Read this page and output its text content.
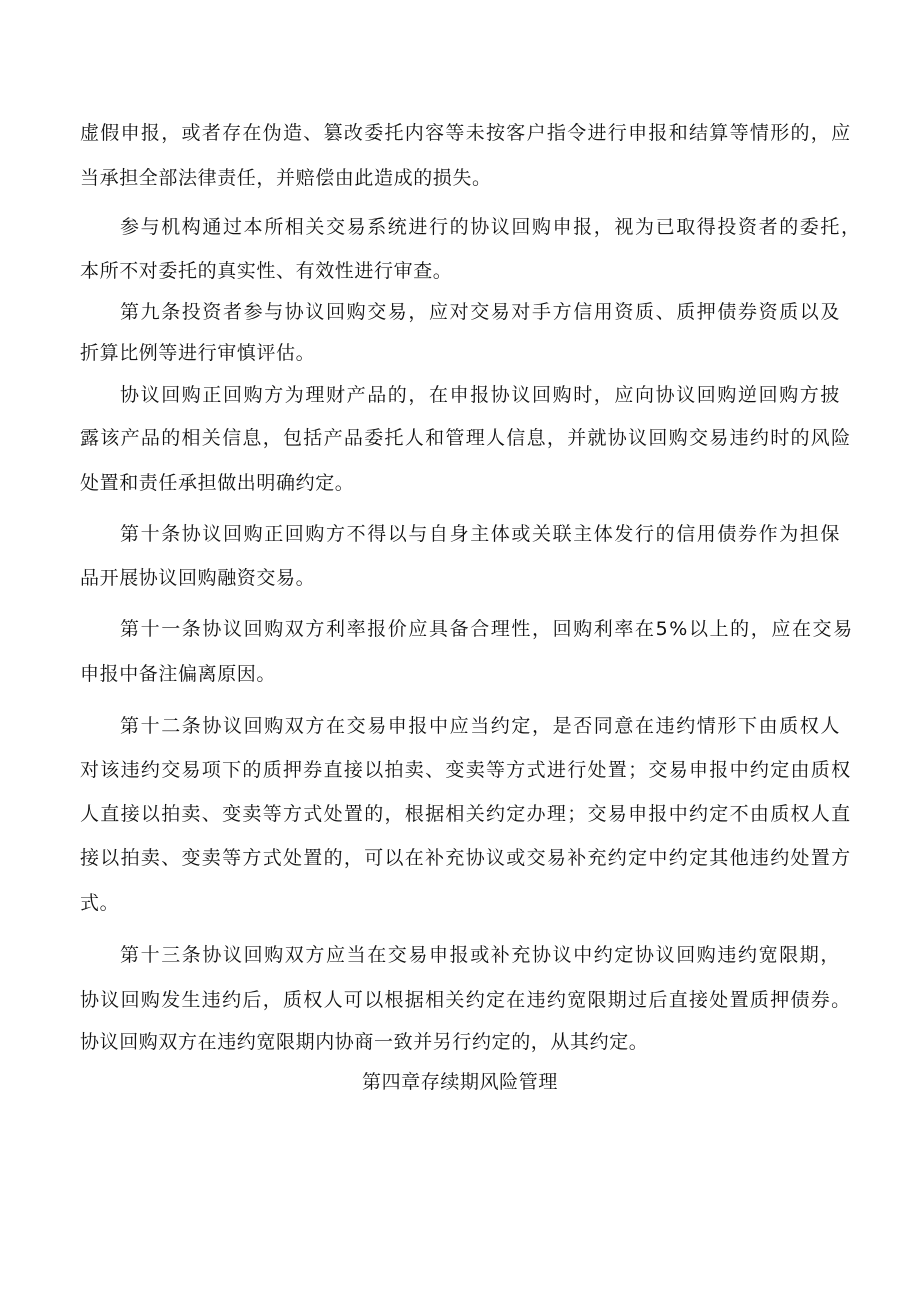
虚假申报，或者存在伪造、篡改委托内容等未按客户指令进行申报和结算等情形的，应
当承担全部法律责任，并赔偿由此造成的损失。
参与机构通过本所相关交易系统进行的协议回购申报，视为已取得投资者的委托，
本所不对委托的真实性、有效性进行审查。
第九条投资者参与协议回购交易，应对交易对手方信用资质、质押债券资质以及
折算比例等进行审慎评估。
协议回购正回购方为理财产品的，在申报协议回购时，应向协议回购逆回购方披
露该产品的相关信息，包括产品委托人和管理人信息，并就协议回购交易违约时的风险
处置和责任承担做出明确约定。
第十条协议回购正回购方不得以与自身主体或关联主体发行的信用债券作为担保
品开展协议回购融资交易。
第十一条协议回购双方利率报价应具备合理性，回购利率在5%以上的，应在交易
申报中备注偏离原因。
第十二条协议回购双方在交易申报中应当约定，是否同意在违约情形下由质权人
对该违约交易项下的质押券直接以拍卖、变卖等方式进行处置；交易申报中约定由质权
人直接以拍卖、变卖等方式处置的，根据相关约定办理；交易申报中约定不由质权人直
接以拍卖、变卖等方式处置的，可以在补充协议或交易补充约定中约定其他违约处置方
式。
第十三条协议回购双方应当在交易申报或补充协议中约定协议回购违约宽限期，
协议回购发生违约后，质权人可以根据相关约定在违约宽限期过后直接处置质押债券。
协议回购双方在违约宽限期内协商一致并另行约定的，从其约定。
第四章存续期风险管理
